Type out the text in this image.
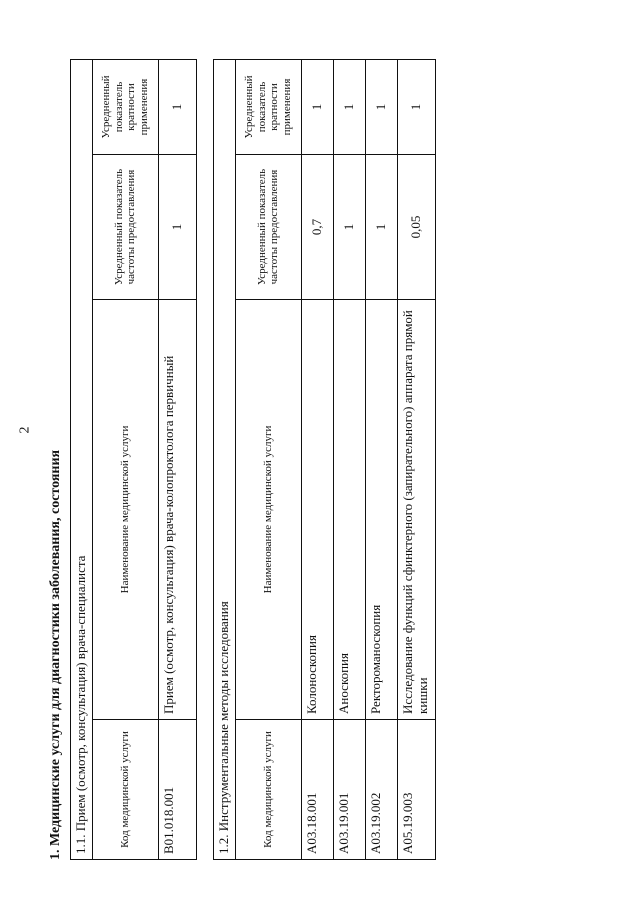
2
1. Медицинские услуги для диагностики заболевания, состояния 1.1. Прием (осмотр, консультация) врача-специалиста			
Код медицинской услуги	Наименование медицинской услуги	Усредненный показатель частоты предоставления	Усредненный показатель кратности применения
B01.018.001	Прием (осмотр, консультация) врача-колопроктолога первичный	1	1
1.2. Инструментальные методы исследования			
Код медицинской услуги	Наименование медицинской услуги	Усредненный показатель частоты предоставления	Усредненный показатель кратности применения
A03.18.001	Колоноскопия	0,7	1
A03.19.001	Аноскопия	1	1
A03.19.002	Ректороманоскопия	1	1
A05.19.003	Исследование функций сфинктерного (запирательного) аппарата прямой кишки	0,05	1
